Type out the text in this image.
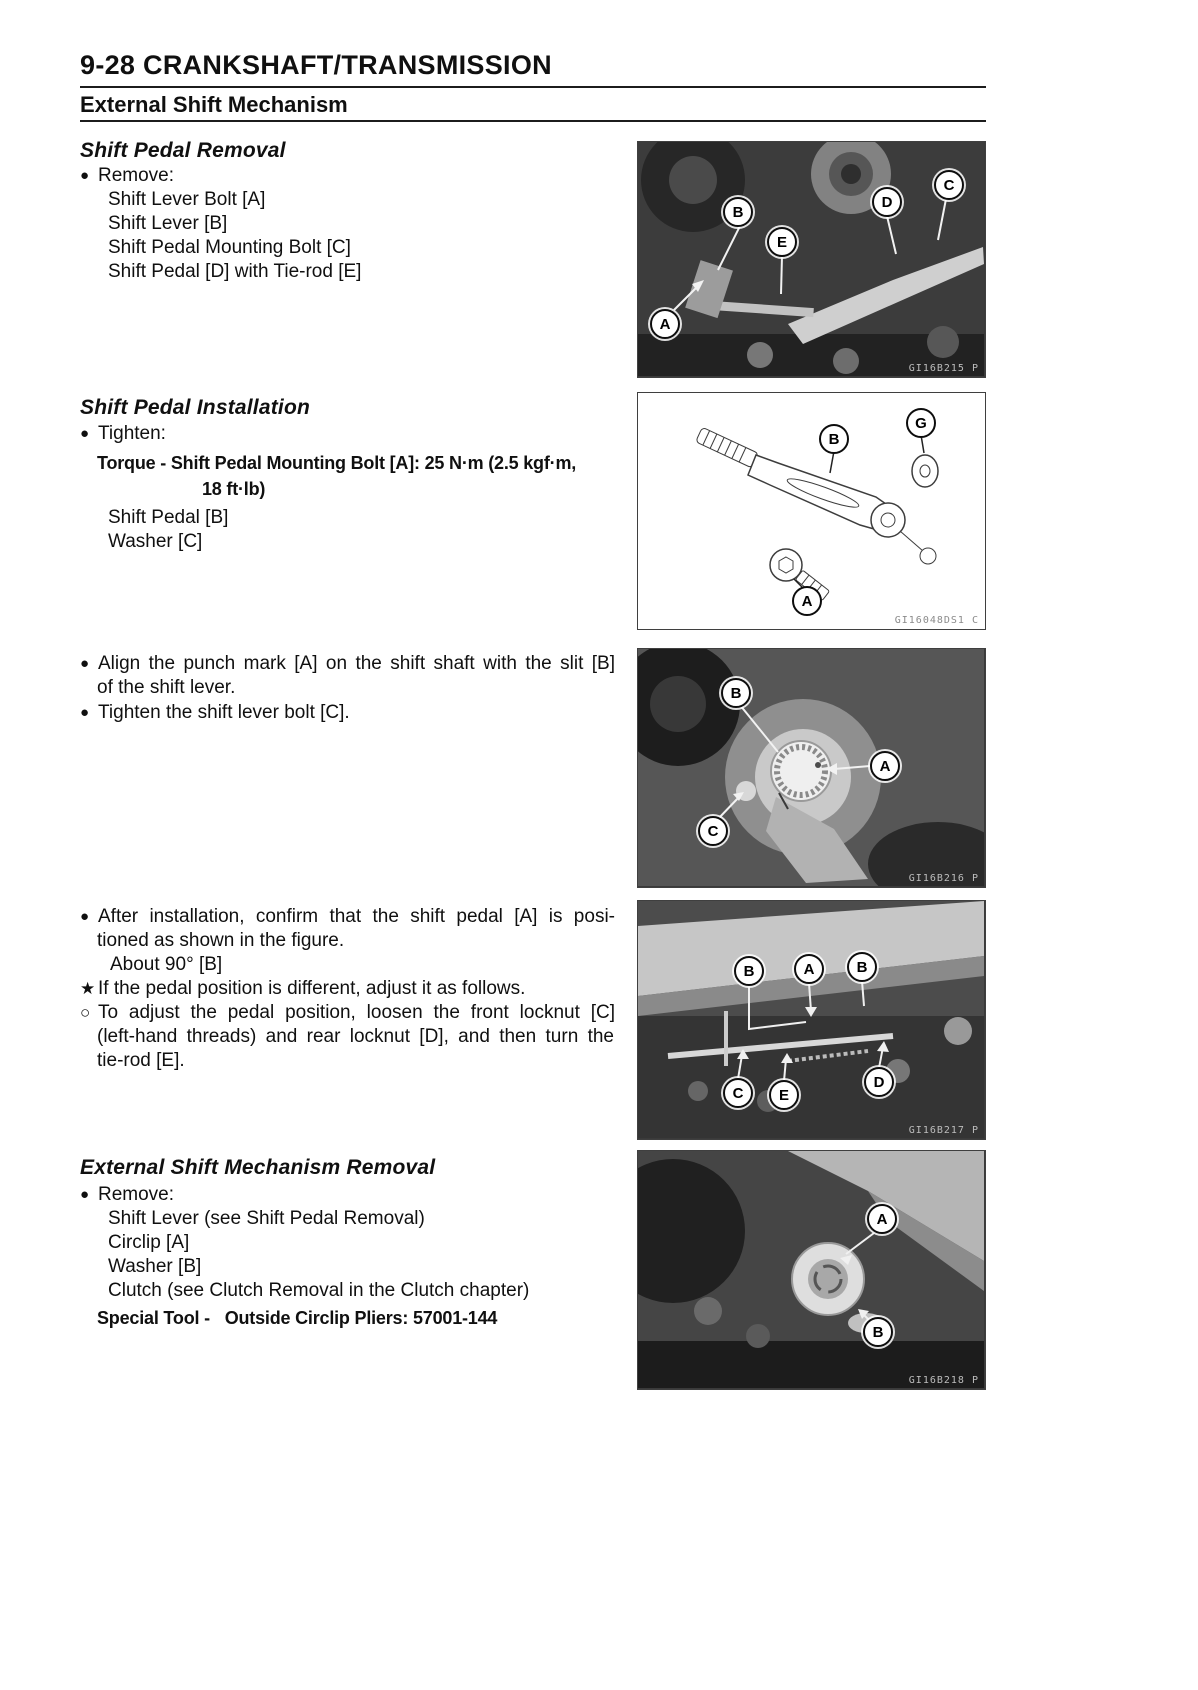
9-28 CRANKSHAFT/TRANSMISSION
External Shift Mechanism
Shift Pedal Removal
● Remove:
Shift Lever Bolt [A]
Shift Lever [B]
Shift Pedal Mounting Bolt [C]
Shift Pedal [D] with Tie-rod [E]
B
D
C
E
A
GI16B215 P
Shift Pedal Installation
● Tighten:
Torque - Shift Pedal Mounting Bolt [A]: 25 N·m (2.5 kgf·m,
18 ft·lb)
Shift Pedal [B]
Washer [C]
G
B
A
GI16048DS1 C
● Align the punch mark [A] on the shift shaft with the slit [B]
of the shift lever.
● Tighten the shift lever bolt [C].
B
A
C
GI16B216 P
● After installation, confirm that the shift pedal [A] is posi-
tioned as shown in the figure.
About 90° [B]
★ If the pedal position is different, adjust it as follows.
○ To adjust the pedal position, loosen the front locknut [C]
(left-hand threads) and rear locknut [D], and then turn the
tie-rod [E].
B	A	B
C	E
D
GI16B217 P
External Shift Mechanism Removal
● Remove:
Shift Lever (see Shift Pedal Removal)
Circlip [A]
Washer [B]
Clutch (see Clutch Removal in the Clutch chapter)
Special Tool - Outside Circlip Pliers: 57001-144
A
B
GI16B218 P
